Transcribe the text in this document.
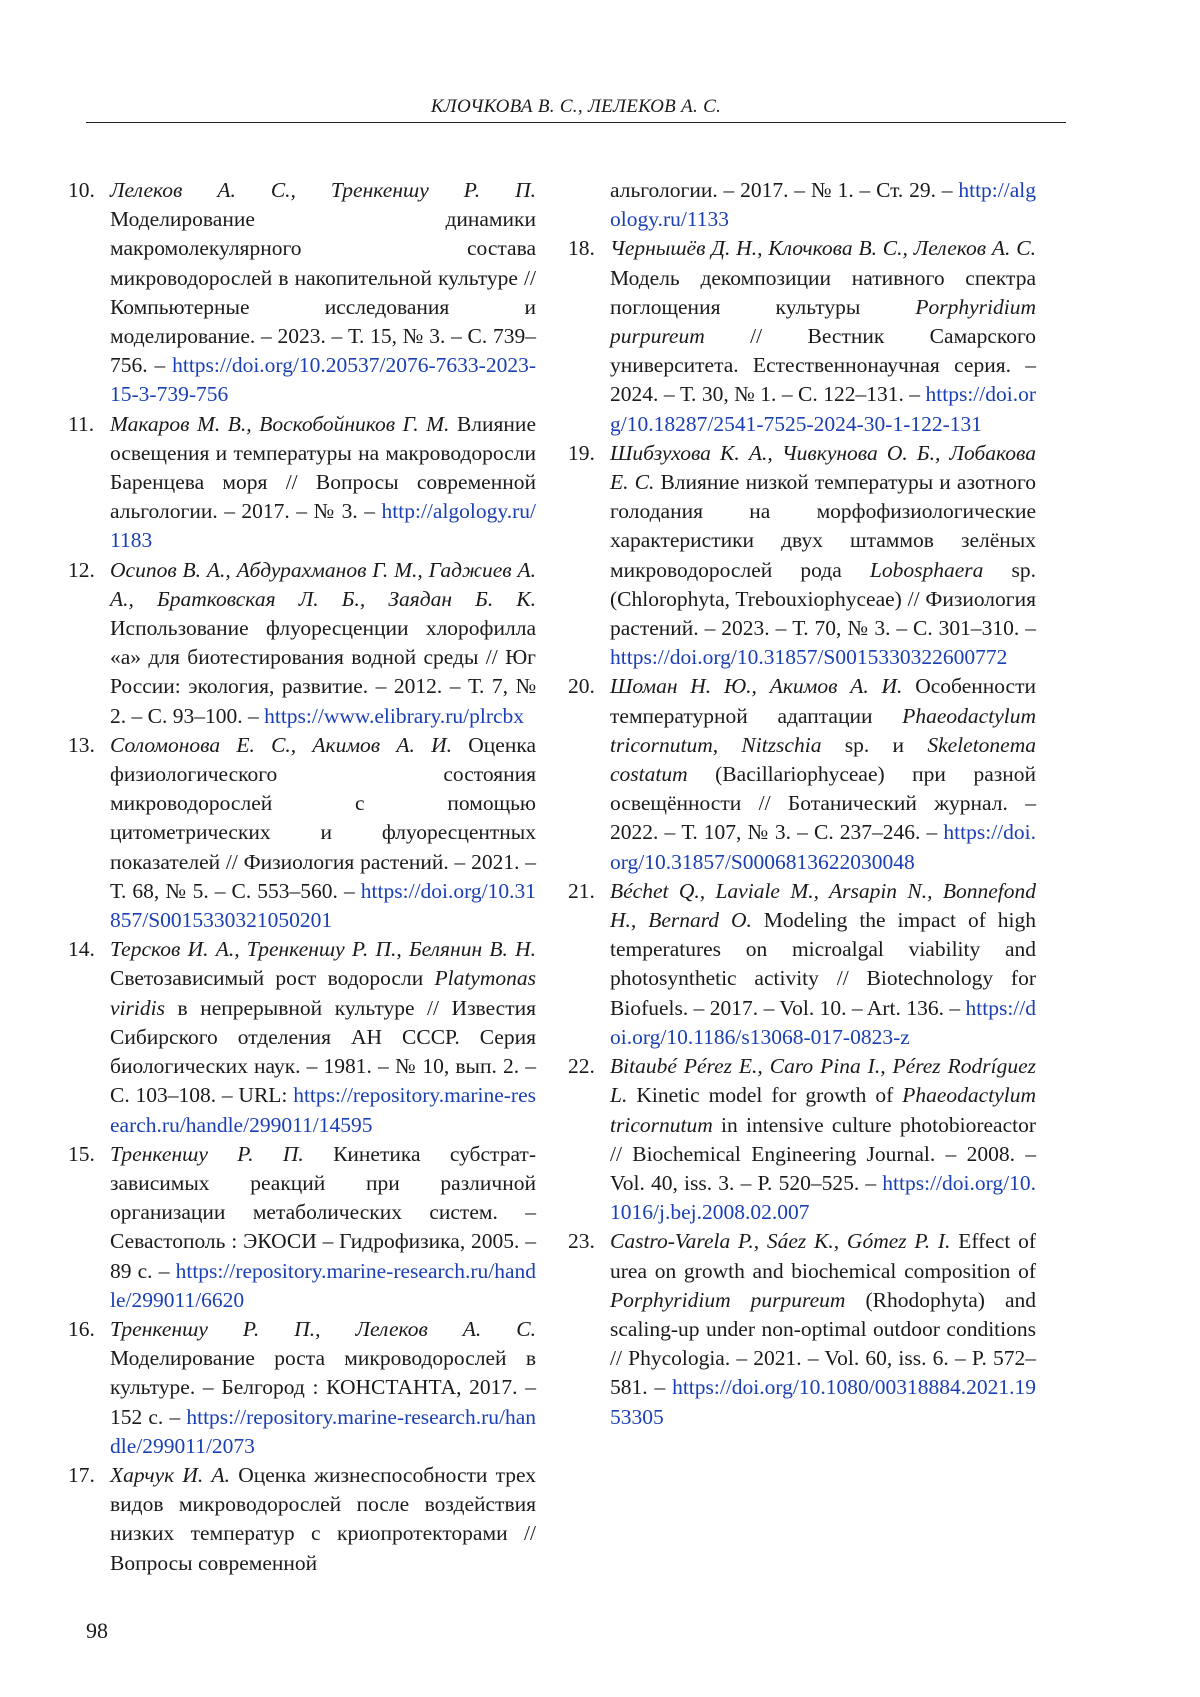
КЛОЧКОВА В. С., ЛЕЛЕКОВ А. С.
10. Лелеков А. С., Тренкеншу Р. П. Моделирование динамики макромолекулярного состава микроводорослей в накопительной культуре // Компьютерные исследования и моделирование. – 2023. – Т. 15, № 3. – С. 739–756. – https://doi.org/10.20537/2076-7633-2023-15-3-739-756
11. Макаров М. В., Воскобойников Г. М. Влияние освещения и температуры на макроводоросли Баренцева моря // Вопросы современной альгологии. – 2017. – № 3. – http://algology.ru/1183
12. Осипов В. А., Абдурахманов Г. М., Гаджиев А. А., Братковская Л. Б., Заядан Б. К. Использование флуоресценции хлорофилла «а» для биотестирования водной среды // Юг России: экология, развитие. – 2012. – Т. 7, № 2. – С. 93–100. – https://www.elibrary.ru/plrcbx
13. Соломонова Е. С., Акимов А. И. Оценка физиологического состояния микроводорослей с помощью цитометрических и флуоресцентных показателей // Физиология растений. – 2021. – Т. 68, № 5. – С. 553–560. – https://doi.org/10.31857/S0015330321050201
14. Терсков И. А., Тренкеншу Р. П., Белянин В. Н. Светозависимый рост водоросли Platymonas viridis в непрерывной культуре // Известия Сибирского отделения АН СССР. Серия биологических наук. – 1981. – № 10, вып. 2. – С. 103–108. – URL: https://repository.marine-research.ru/handle/299011/14595
15. Тренкеншу Р. П. Кинетика субстрат-зависимых реакций при различной организации метаболических систем. – Севастополь : ЭКОСИ – Гидрофизика, 2005. – 89 с. – https://repository.marine-research.ru/handle/299011/6620
16. Тренкеншу Р. П., Лелеков А. С. Моделирование роста микроводорослей в культуре. – Белгород : КОНСТАНТА, 2017. – 152 с. – https://repository.marine-research.ru/handle/299011/2073
17. Харчук И. А. Оценка жизнеспособности трех видов микроводорослей после воздействия низких температур с криопротекторами // Вопросы современной
альгологии. – 2017. – № 1. – Ст. 29. – http://algology.ru/1133
18. Чернышёв Д. Н., Клочкова В. С., Лелеков А. С. Модель декомпозиции нативного спектра поглощения культуры Porphyridium purpureum // Вестник Самарского университета. Естественнонаучная серия. – 2024. – Т. 30, № 1. – С. 122–131. – https://doi.org/10.18287/2541-7525-2024-30-1-122-131
19. Шибзухова К. А., Чивкунова О. Б., Лобакова Е. С. Влияние низкой температуры и азотного голодания на морфофизиологические характеристики двух штаммов зелёных микроводорослей рода Lobosphaera sp. (Chlorophyta, Trebouxiophyceae) // Физиология растений. – 2023. – Т. 70, № 3. – С. 301–310. – https://doi.org/10.31857/S0015330322600772
20. Шоман Н. Ю., Акимов А. И. Особенности температурной адаптации Phaeodactylum tricornutum, Nitzschia sp. и Skeletonema costatum (Bacillariophyceae) при разной освещённости // Ботанический журнал. – 2022. – Т. 107, № 3. – С. 237–246. – https://doi.org/10.31857/S0006813622030048
21. Béchet Q., Laviale M., Arsapin N., Bonnefond H., Bernard O. Modeling the impact of high temperatures on microalgal viability and photosynthetic activity // Biotechnology for Biofuels. – 2017. – Vol. 10. – Art. 136. – https://doi.org/10.1186/s13068-017-0823-z
22. Bitaubé Pérez E., Caro Pina I., Pérez Rodríguez L. Kinetic model for growth of Phaeodactylum tricornutum in intensive culture photobioreactor // Biochemical Engineering Journal. – 2008. – Vol. 40, iss. 3. – P. 520–525. – https://doi.org/10.1016/j.bej.2008.02.007
23. Castro-Varela P., Sáez K., Gómez P. I. Effect of urea on growth and biochemical composition of Porphyridium purpureum (Rhodophyta) and scaling-up under non-optimal outdoor conditions // Phycologia. – 2021. – Vol. 60, iss. 6. – P. 572–581. – https://doi.org/10.1080/00318884.2021.1953305
98
